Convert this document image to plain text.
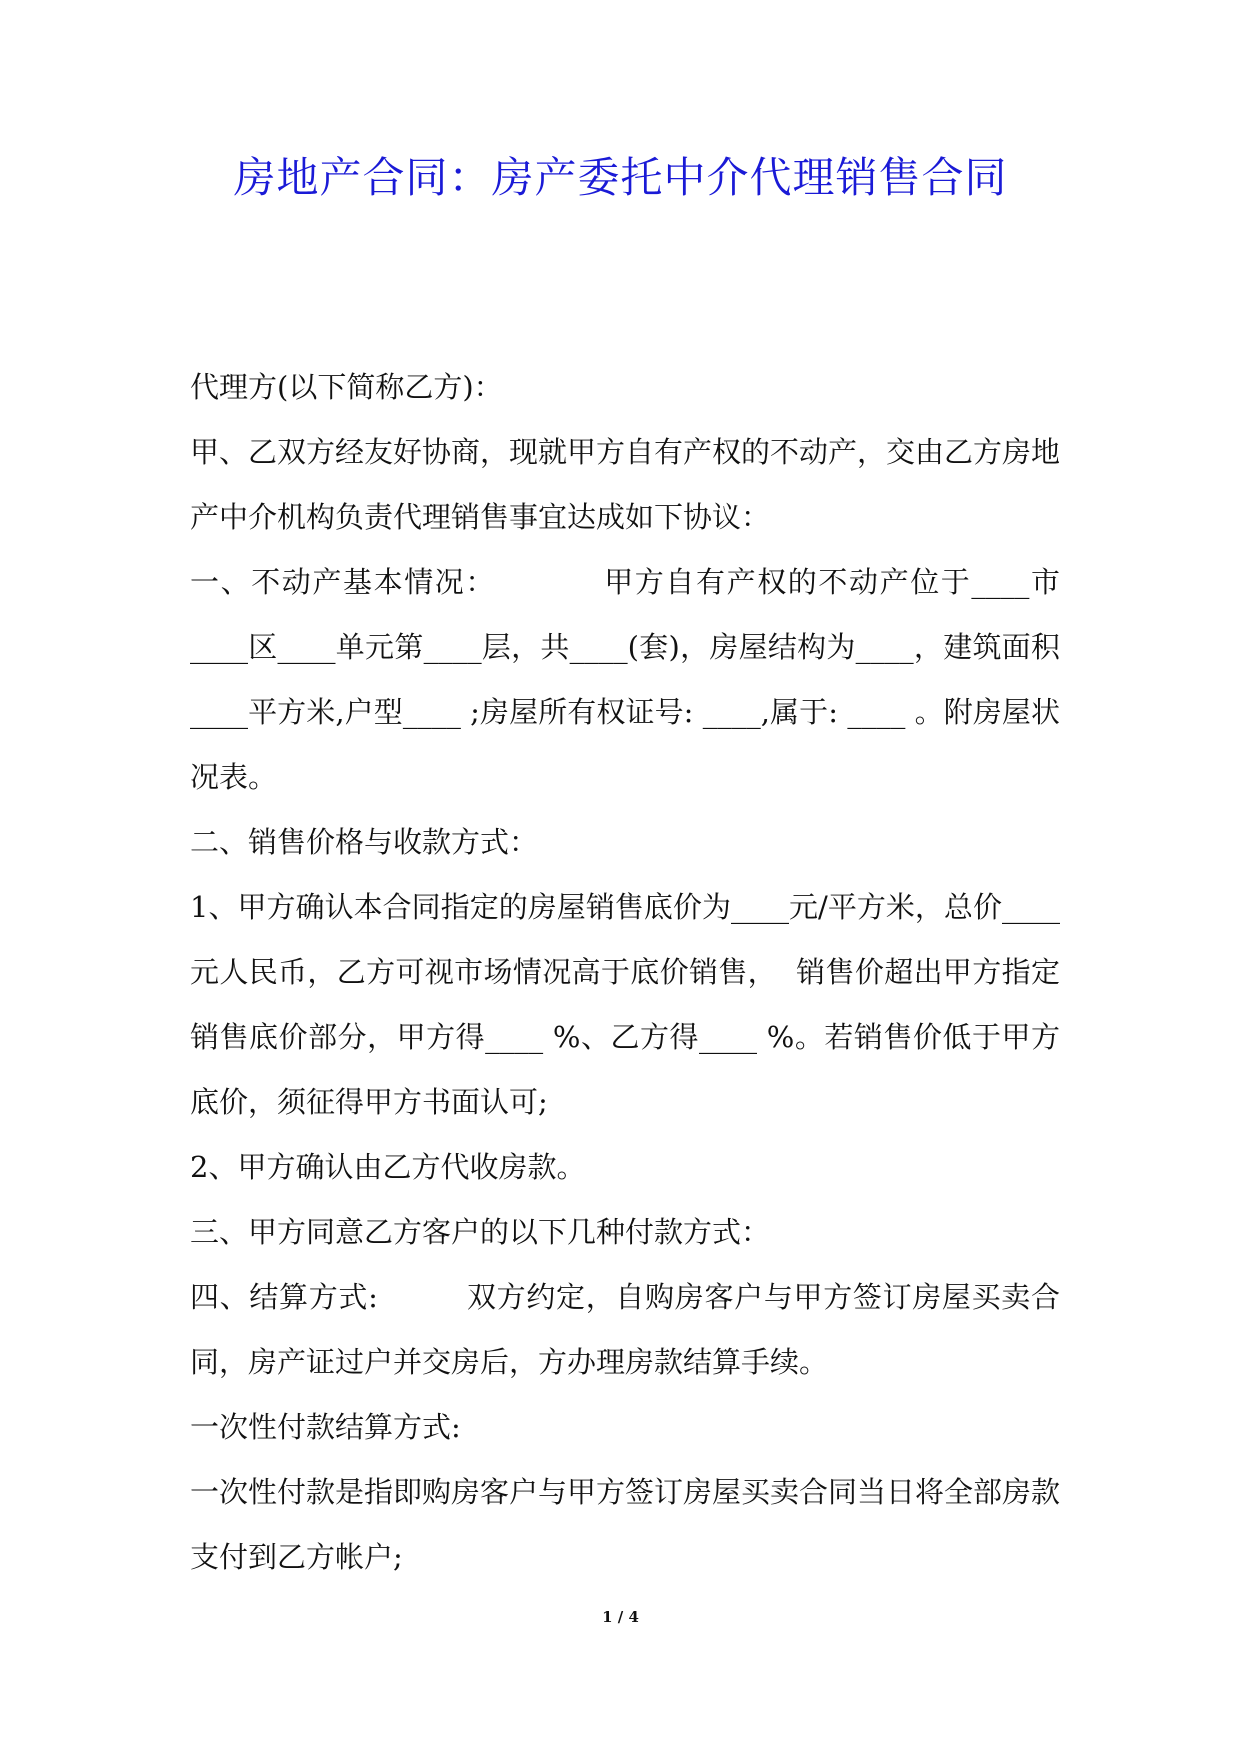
房地产合同：房产委托中介代理销售合同

代理方(以下简称乙方)：

甲、乙双方经友好协商，现就甲方自有产权的不动产，交由乙方房地产中介机构负责代理销售事宜达成如下协议：

一、不动产基本情况：          甲方自有产权的不动产位于____市____区____单元第____层，共____(套)，房屋结构为____，建筑面积____平方米,户型____ ;房屋所有权证号: ____,属于: ____ 。附房屋状况表。

二、销售价格与收款方式：

1、甲方确认本合同指定的房屋销售底价为____元/平方米，总价____元人民币，乙方可视市场情况高于底价销售，  销售价超出甲方指定销售底价部分，甲方得____ %、乙方得____ %。若销售价低于甲方底价，须征得甲方书面认可;

2、甲方确认由乙方代收房款。

三、甲方同意乙方客户的以下几种付款方式：

四、结算方式:         双方约定，自购房客户与甲方签订房屋买卖合同，房产证过户并交房后，方办理房款结算手续。

一次性付款结算方式:

一次性付款是指即购房客户与甲方签订房屋买卖合同当日将全部房款支付到乙方帐户;

1 / 4
